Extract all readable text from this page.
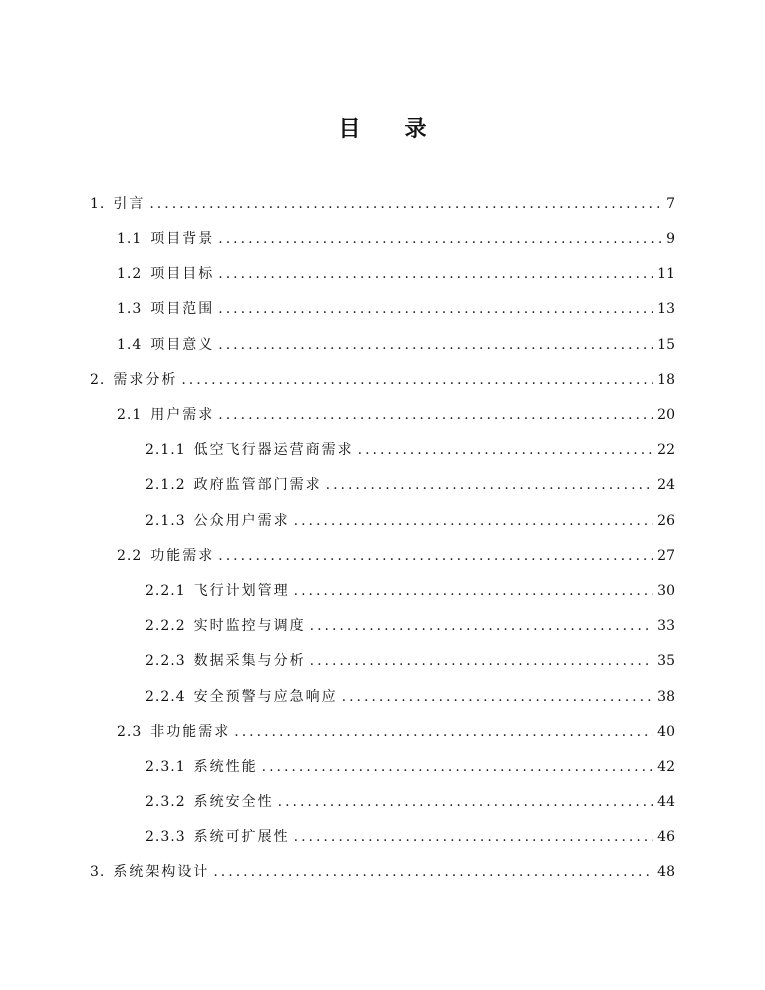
目　　录
1. 引言 .....	7
1.1 项目背景 .....	9
1.2 项目目标 .....	11
1.3 项目范围 .....	13
1.4 项目意义 .....	15
2. 需求分析 .....	18
2.1 用户需求 .....	20
2.1.1 低空飞行器运营商需求 .....	22
2.1.2 政府监管部门需求 .....	24
2.1.3 公众用户需求 .....	26
2.2 功能需求 .....	27
2.2.1 飞行计划管理 .....	30
2.2.2 实时监控与调度 .....	33
2.2.3 数据采集与分析 .....	35
2.2.4 安全预警与应急响应 .....	38
2.3 非功能需求 .....	40
2.3.1 系统性能 .....	42
2.3.2 系统安全性 .....	44
2.3.3 系统可扩展性 .....	46
3. 系统架构设计 .....	48
